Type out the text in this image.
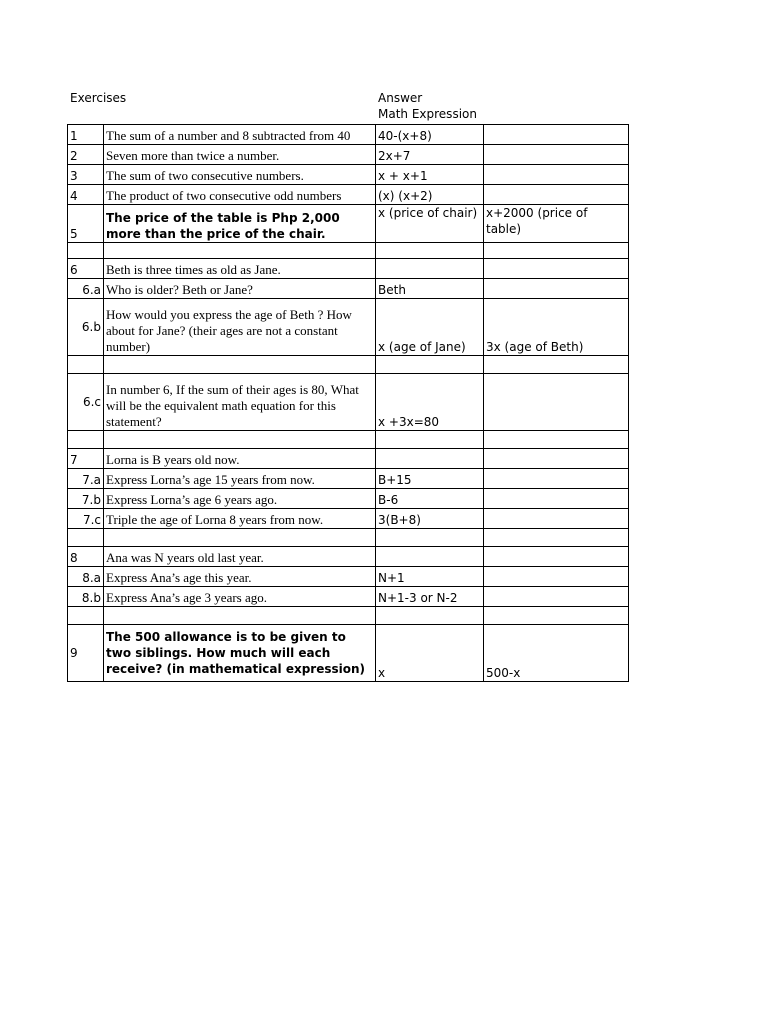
Exercises	Answer
Math Expression
1	The sum of a number and 8 subtracted from 40	40-(x+8)	
2	Seven more than twice a number.	2x+7	
3	The sum of two consecutive numbers.	x + x+1	
4	The product of two consecutive odd numbers	(x) (x+2)	
5	The price of the table is Php 2,000 more than the price of the chair.	x (price of chair)	x+2000 (price of table)

6	Beth is three times as old as Jane.		
6.a	Who is older? Beth or Jane?	Beth	
6.b	How would you express the age of Beth ? How about for Jane? (their ages are not a constant number)	x (age of Jane)	3x (age of Beth)

6.c	In number 6, If the sum of their ages is 80, What will be the equivalent math equation for this statement?	x +3x=80	

7	Lorna is B years old now.		
7.a	Express Lorna’s age 15 years from now.	B+15	
7.b	Express Lorna’s age 6 years ago.	B-6	
7.c	Triple the age of Lorna 8 years from now.	3(B+8)	

8	Ana was N years old last year.		
8.a	Express Ana’s age this year.	N+1	
8.b	Express Ana’s age 3 years ago.	N+1-3 or N-2	

9	The 500 allowance is to be given to two siblings. How much will each receive? (in mathematical expression)	x	500-x
